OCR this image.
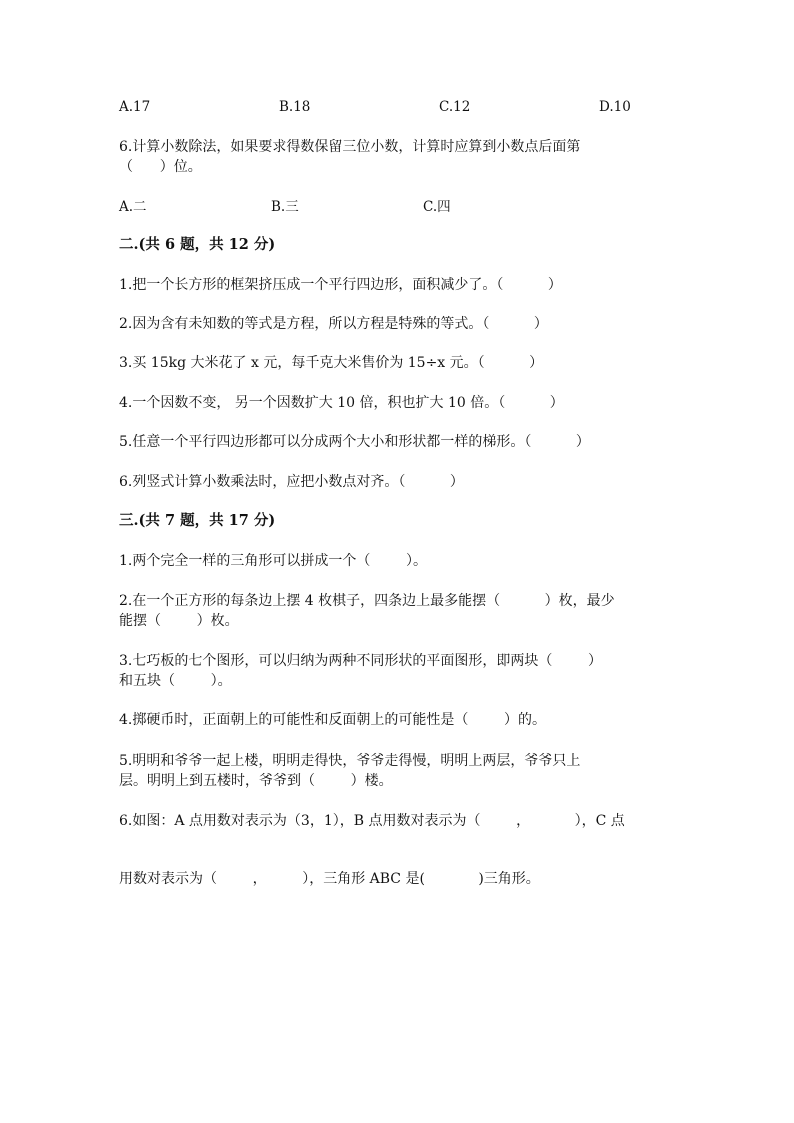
A.17	B.18	C.12	D.10
6.计算小数除法，如果要求得数保留三位小数，计算时应算到小数点后面第
（      ）位。
A.二	B.三	C.四
二.(共 6 题，共 12 分)
1.把一个长方形的框架挤压成一个平行四边形，面积减少了。（          ）
2.因为含有未知数的等式是方程，所以方程是特殊的等式。（          ）
3.买 15kg 大米花了 x 元，每千克大米售价为 15÷x 元。（          ）
4.一个因数不变， 另一个因数扩大 10 倍，积也扩大 10 倍。（          ）
5.任意一个平行四边形都可以分成两个大小和形状都一样的梯形。（          ）
6.列竖式计算小数乘法时，应把小数点对齐。（          ）
三.(共 7 题，共 17 分)
1.两个完全一样的三角形可以拼成一个（        ）。
2.在一个正方形的每条边上摆 4 枚棋子，四条边上最多能摆（          ）枚，最少
能摆（        ）枚。
3.七巧板的七个图形，可以归纳为两种不同形状的平面图形，即两块（        ）
和五块（        ）。
4.掷硬币时，正面朝上的可能性和反面朝上的可能性是（        ）的。
5.明明和爷爷一起上楼，明明走得快，爷爷走得慢，明明上两层，爷爷只上
层。明明上到五楼时，爷爷到（        ）楼。
6.如图：A 点用数对表示为（3，1），B 点用数对表示为（        ，          ），C 点
用数对表示为（        ，        ），三角形 ABC 是(            )三角形。
